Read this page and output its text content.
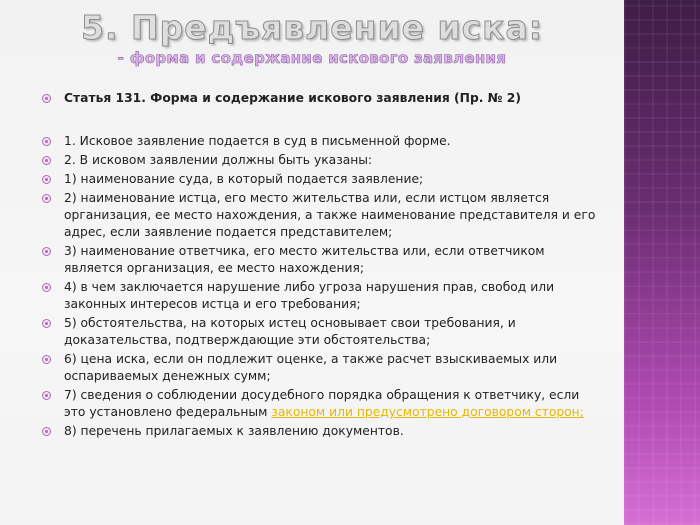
5. Предъявление иска:
- форма и содержание искового заявления
Статья 131. Форма и содержание искового заявления (Пр. № 2)
1. Исковое заявление подается в суд в письменной форме.
2. В исковом заявлении должны быть указаны:
1) наименование суда, в который подается заявление;
2) наименование истца, его место жительства или, если истцом является организация, ее место нахождения, а также наименование представителя и его адрес, если заявление подается представителем;
3) наименование ответчика, его место жительства или, если ответчиком является организация, ее место нахождения;
4) в чем заключается нарушение либо угроза нарушения прав, свобод или законных интересов истца и его требования;
5) обстоятельства, на которых истец основывает свои требования, и доказательства, подтверждающие эти обстоятельства;
6) цена иска, если он подлежит оценке, а также расчет взыскиваемых или оспариваемых денежных сумм;
7) сведения о соблюдении досудебного порядка обращения к ответчику, если это установлено федеральным законом или предусмотрено договором сторон;
8) перечень прилагаемых к заявлению документов.
